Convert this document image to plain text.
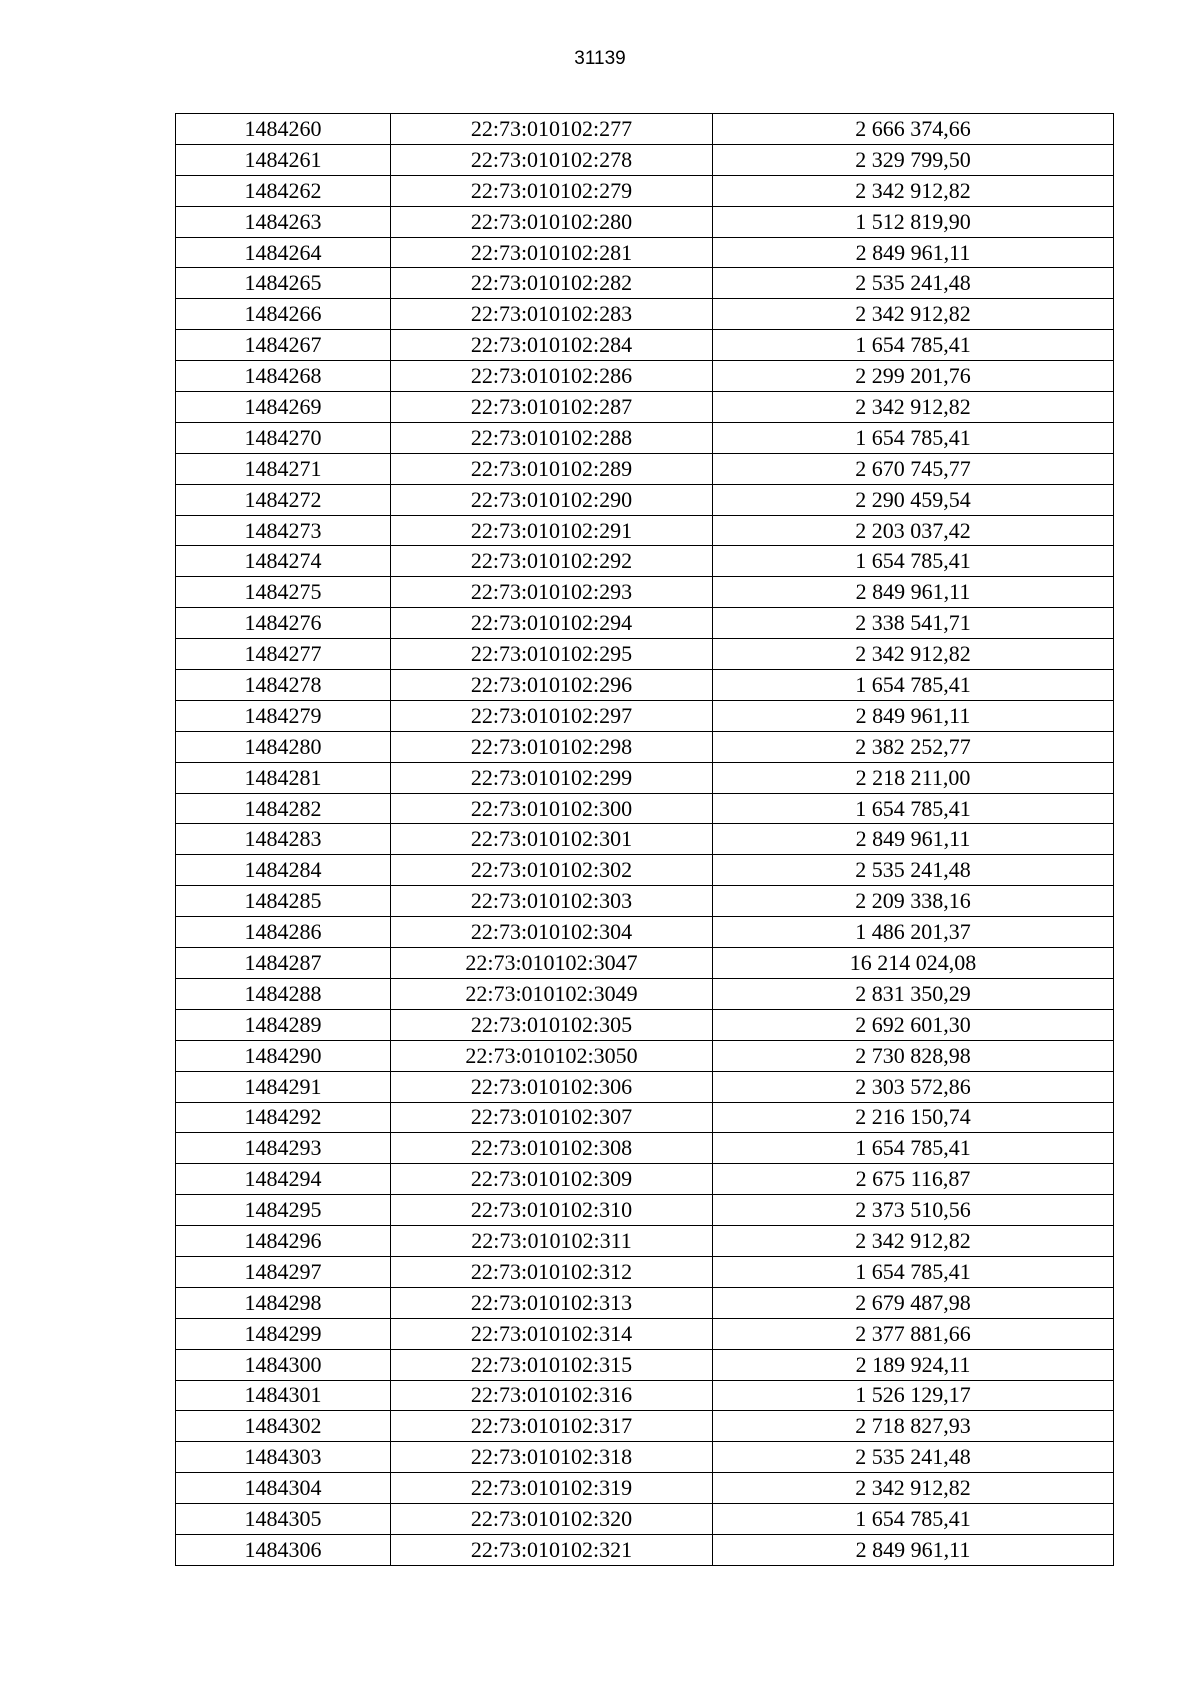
31139
1484260	22:73:010102:277	2 666 374,66
1484261	22:73:010102:278	2 329 799,50
1484262	22:73:010102:279	2 342 912,82
1484263	22:73:010102:280	1 512 819,90
1484264	22:73:010102:281	2 849 961,11
1484265	22:73:010102:282	2 535 241,48
1484266	22:73:010102:283	2 342 912,82
1484267	22:73:010102:284	1 654 785,41
1484268	22:73:010102:286	2 299 201,76
1484269	22:73:010102:287	2 342 912,82
1484270	22:73:010102:288	1 654 785,41
1484271	22:73:010102:289	2 670 745,77
1484272	22:73:010102:290	2 290 459,54
1484273	22:73:010102:291	2 203 037,42
1484274	22:73:010102:292	1 654 785,41
1484275	22:73:010102:293	2 849 961,11
1484276	22:73:010102:294	2 338 541,71
1484277	22:73:010102:295	2 342 912,82
1484278	22:73:010102:296	1 654 785,41
1484279	22:73:010102:297	2 849 961,11
1484280	22:73:010102:298	2 382 252,77
1484281	22:73:010102:299	2 218 211,00
1484282	22:73:010102:300	1 654 785,41
1484283	22:73:010102:301	2 849 961,11
1484284	22:73:010102:302	2 535 241,48
1484285	22:73:010102:303	2 209 338,16
1484286	22:73:010102:304	1 486 201,37
1484287	22:73:010102:3047	16 214 024,08
1484288	22:73:010102:3049	2 831 350,29
1484289	22:73:010102:305	2 692 601,30
1484290	22:73:010102:3050	2 730 828,98
1484291	22:73:010102:306	2 303 572,86
1484292	22:73:010102:307	2 216 150,74
1484293	22:73:010102:308	1 654 785,41
1484294	22:73:010102:309	2 675 116,87
1484295	22:73:010102:310	2 373 510,56
1484296	22:73:010102:311	2 342 912,82
1484297	22:73:010102:312	1 654 785,41
1484298	22:73:010102:313	2 679 487,98
1484299	22:73:010102:314	2 377 881,66
1484300	22:73:010102:315	2 189 924,11
1484301	22:73:010102:316	1 526 129,17
1484302	22:73:010102:317	2 718 827,93
1484303	22:73:010102:318	2 535 241,48
1484304	22:73:010102:319	2 342 912,82
1484305	22:73:010102:320	1 654 785,41
1484306	22:73:010102:321	2 849 961,11
